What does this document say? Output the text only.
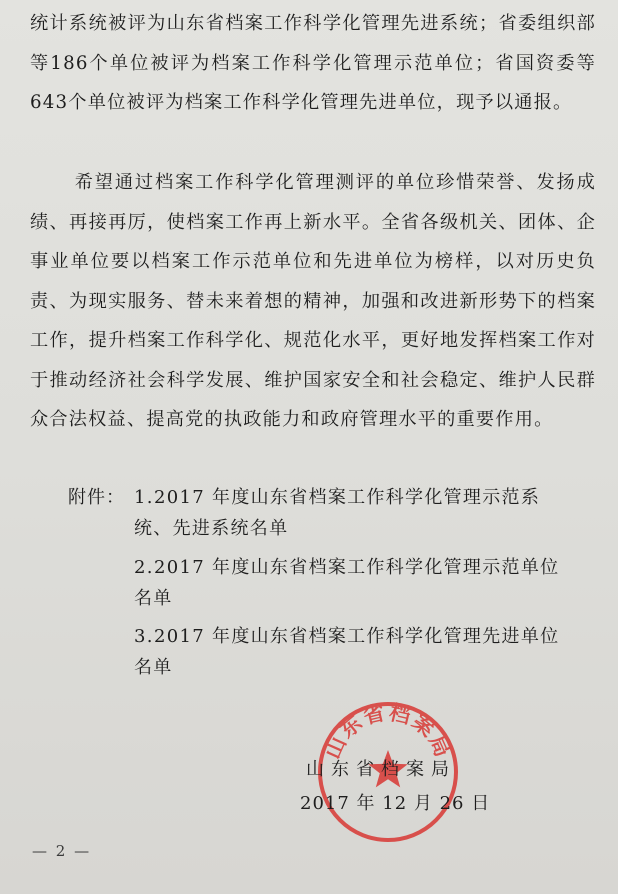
统计系统被评为山东省档案工作科学化管理先进系统；省委组织部等186个单位被评为档案工作科学化管理示范单位；省国资委等643个单位被评为档案工作科学化管理先进单位，现予以通报。

希望通过档案工作科学化管理测评的单位珍惜荣誉、发扬成绩、再接再厉，使档案工作再上新水平。全省各级机关、团体、企事业单位要以档案工作示范单位和先进单位为榜样，以对历史负责、为现实服务、替未来着想的精神，加强和改进新形势下的档案工作，提升档案工作科学化、规范化水平，更好地发挥档案工作对于推动经济社会科学发展、维护国家安全和社会稳定、维护人民群众合法权益、提高党的执政能力和政府管理水平的重要作用。

附件： 1.2017 年度山东省档案工作科学化管理示范系统、先进系统名单
2.2017 年度山东省档案工作科学化管理示范单位名单
3.2017 年度山东省档案工作科学化管理先进单位名单
山东省档案局
山东省档案局
2017 年 12 月 26 日
— 2 —
